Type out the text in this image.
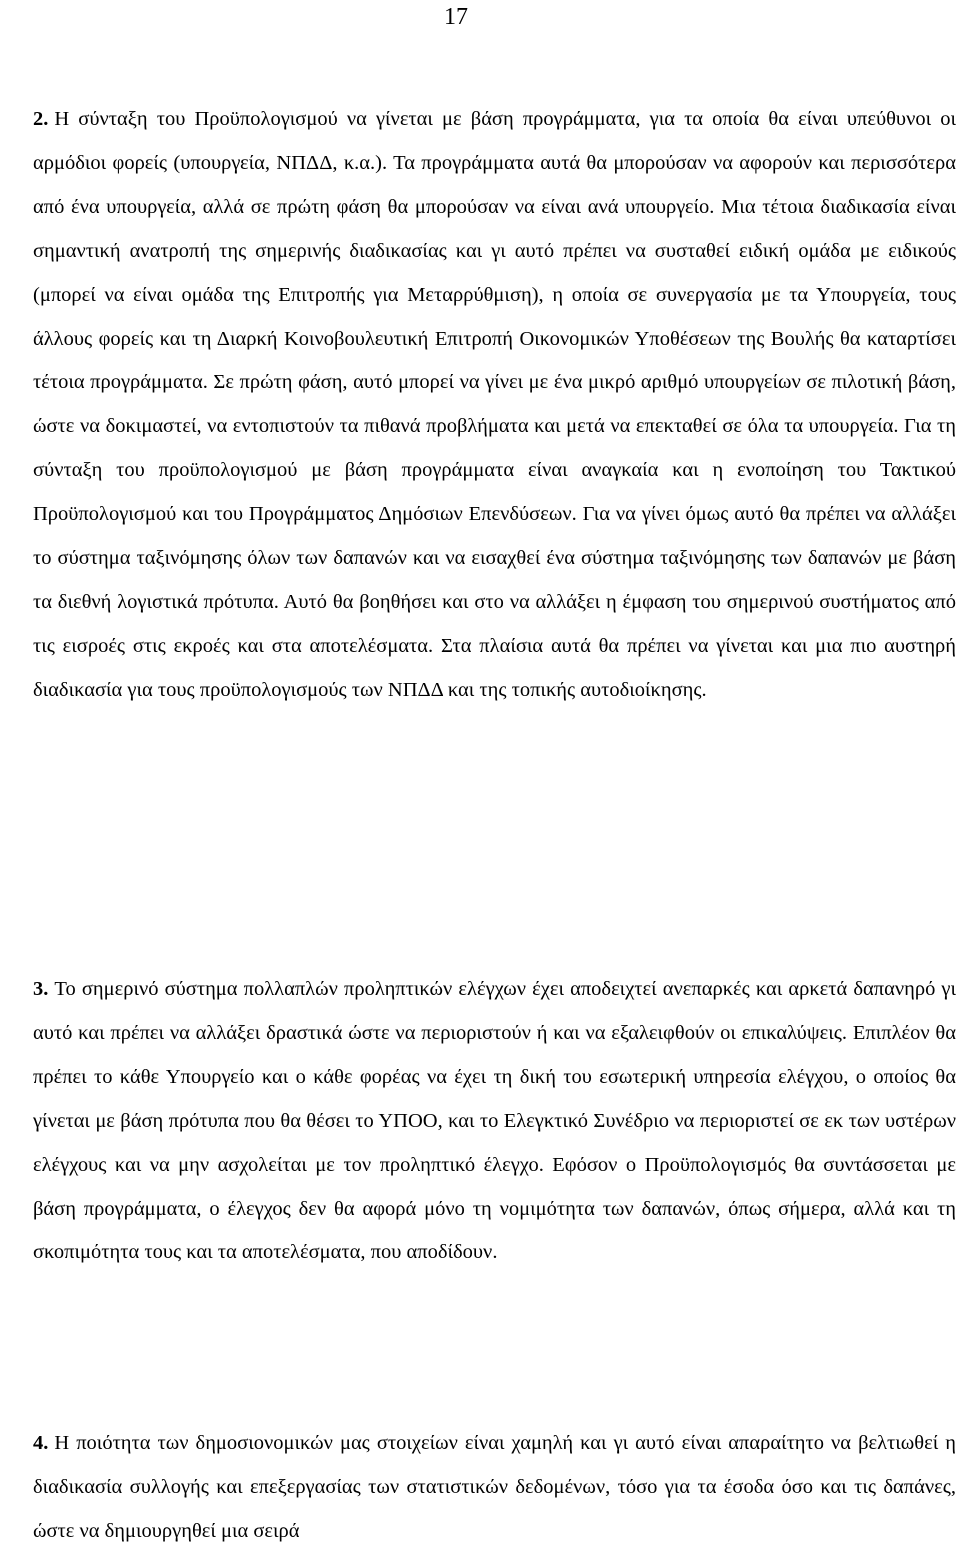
17
2. Η σύνταξη του Προϋπολογισμού να γίνεται με βάση προγράμματα, για τα οποία θα είναι υπεύθυνοι οι αρμόδιοι φορείς (υπουργεία, ΝΠΔΔ, κ.α.). Τα προγράμματα αυτά θα μπορούσαν να αφορούν και περισσότερα από ένα υπουργεία, αλλά σε πρώτη φάση θα μπορούσαν να είναι ανά υπουργείο. Μια τέτοια διαδικασία είναι σημαντική ανατροπή της σημερινής διαδικασίας και γι αυτό πρέπει να συσταθεί ειδική ομάδα με ειδικούς (μπορεί να είναι ομάδα της Επιτροπής για Μεταρρύθμιση), η οποία σε συνεργασία με τα Υπουργεία, τους άλλους φορείς και τη Διαρκή Κοινοβουλευτική Επιτροπή Οικονομικών Υποθέσεων της Βουλής θα καταρτίσει τέτοια προγράμματα. Σε πρώτη φάση, αυτό μπορεί να γίνει με ένα μικρό αριθμό υπουργείων σε πιλοτική βάση, ώστε να δοκιμαστεί, να εντοπιστούν τα πιθανά προβλήματα και μετά να επεκταθεί σε όλα τα υπουργεία. Για τη σύνταξη του προϋπολογισμού με βάση προγράμματα είναι αναγκαία και η ενοποίηση του Τακτικού Προϋπολογισμού και του Προγράμματος Δημόσιων Επενδύσεων. Για να γίνει όμως αυτό θα πρέπει να αλλάξει το σύστημα ταξινόμησης όλων των δαπανών και να εισαχθεί ένα σύστημα ταξινόμησης των δαπανών με βάση τα διεθνή λογιστικά πρότυπα. Αυτό θα βοηθήσει και στο να αλλάξει η έμφαση του σημερινού συστήματος από τις εισροές στις εκροές και στα αποτελέσματα. Στα πλαίσια αυτά θα πρέπει να γίνεται και μια πιο αυστηρή διαδικασία για τους προϋπολογισμούς των ΝΠΔΔ και της τοπικής αυτοδιοίκησης.
3. Το σημερινό σύστημα πολλαπλών προληπτικών ελέγχων έχει αποδειχτεί ανεπαρκές και αρκετά δαπανηρό γι αυτό και πρέπει να αλλάξει δραστικά ώστε να περιοριστούν ή και να εξαλειφθούν οι επικαλύψεις. Επιπλέον θα πρέπει το κάθε Υπουργείο και ο κάθε φορέας να έχει τη δική του εσωτερική υπηρεσία ελέγχου, ο οποίος θα γίνεται με βάση πρότυπα που θα θέσει το ΥΠΟΟ, και το Ελεγκτικό Συνέδριο να περιοριστεί σε εκ των υστέρων ελέγχους και να μην ασχολείται με τον προληπτικό έλεγχο. Εφόσον ο Προϋπολογισμός θα συντάσσεται με βάση προγράμματα, ο έλεγχος δεν θα αφορά μόνο τη νομιμότητα των δαπανών, όπως σήμερα, αλλά και τη σκοπιμότητα τους και τα αποτελέσματα, που αποδίδουν.
4. Η ποιότητα των δημοσιονομικών μας στοιχείων είναι χαμηλή και γι αυτό είναι απαραίτητο να βελτιωθεί η διαδικασία συλλογής και επεξεργασίας των στατιστικών δεδομένων, τόσο για τα έσοδα όσο και τις δαπάνες, ώστε να δημιουργηθεί μια σειρά
